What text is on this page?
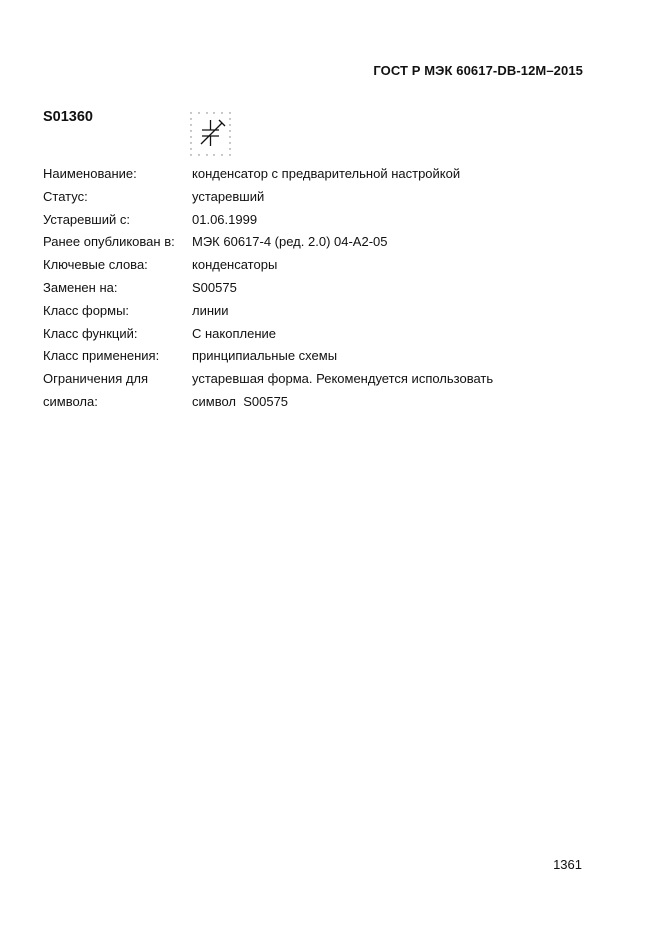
ГОСТ Р МЭК 60617-DB-12M–2015
S01360
Наименование:	конденсатор с предварительной настройкой
Статус:	устаревший
Устаревший с:	01.06.1999
Ранее опубликован в:	МЭК 60617-4 (ред. 2.0) 04-A2-05
Ключевые слова:	конденсаторы
Заменен на:	S00575
Класс формы:	линии
Класс функций:	С накопление
Класс применения:	принципиальные схемы
Ограничения для	устаревшая форма. Рекомендуется использовать
символа:	символ  S00575
1361
